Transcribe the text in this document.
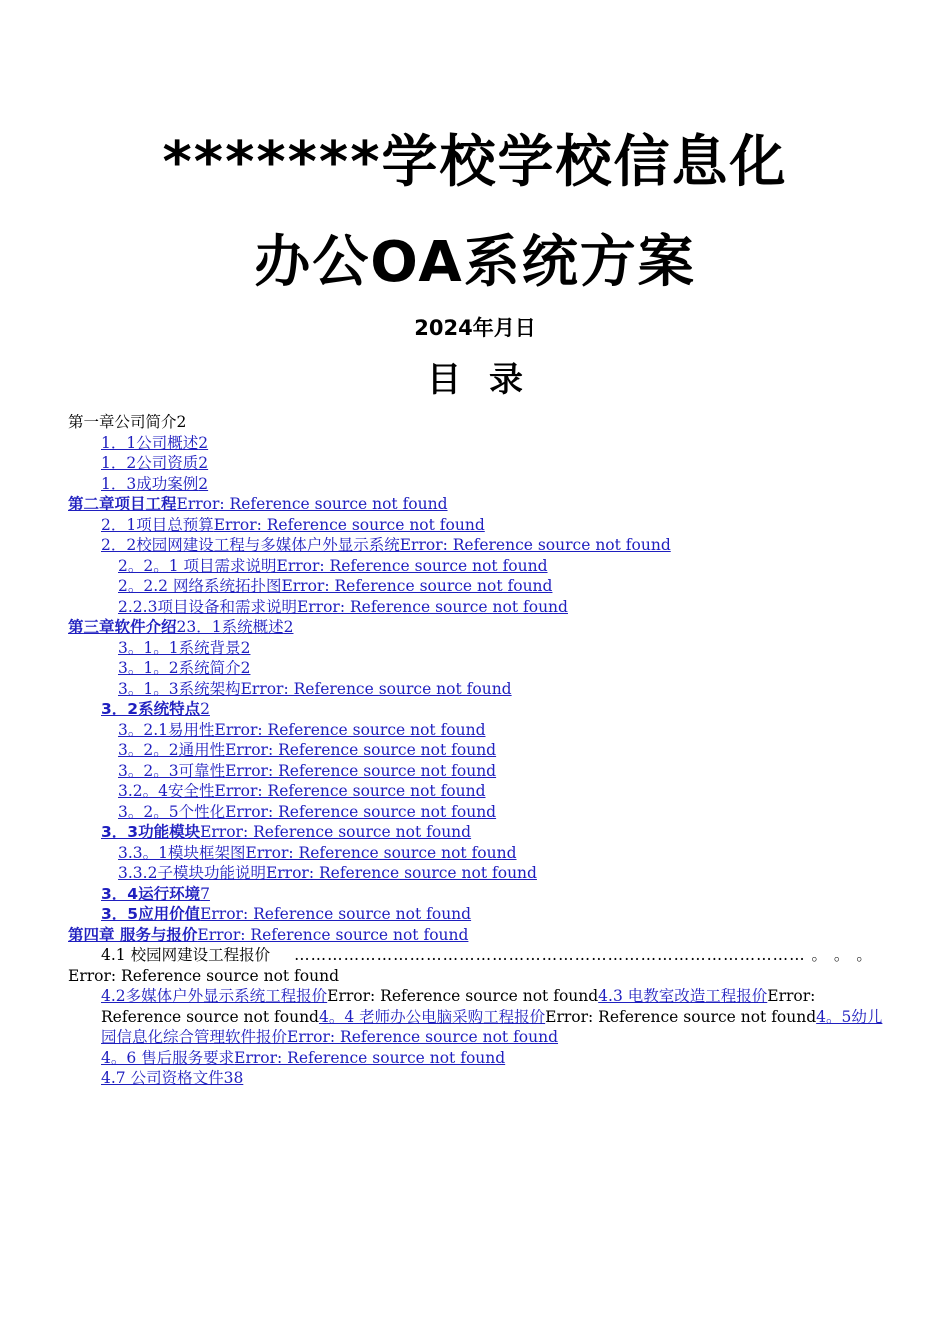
*******学校学校信息化
办公OA系统方案
2024年月日
目录
第一章公司简介2
1．1公司概述2
1．2公司资质2
1．3成功案例2
第二章项目工程Error: Reference source not found
2．1项目总预算Error: Reference source not found
2．2校园网建设工程与多媒体户外显示系统Error: Reference source not found
2。2。1 项目需求说明Error: Reference source not found
2。2.2 网络系统拓扑图Error: Reference source not found
2.2.3项目设备和需求说明Error: Reference source not found
第三章软件介绍23．1系统概述2
3。1。1系统背景2
3。1。2系统简介2
3。1。3系统架构Error: Reference source not found
3．2系统特点2
3。2.1易用性Error: Reference source not found
3。2。2通用性Error: Reference source not found
3。2。3可靠性Error: Reference source not found
3.2。4安全性Error: Reference source not found
3。2。5个性化Error: Reference source not found
3．3功能模块Error: Reference source not found
3.3。1模块框架图Error: Reference source not found
3.3.2子模块功能说明Error: Reference source not found
3．4运行环境7
3．5应用价值Error: Reference source not found
第四章 服务与报价Error: Reference source not found
4.1 校园网建设工程报价 ………………………………………………………………………………… 。 。 。
Error: Reference source not found
4.2多媒体户外显示系统工程报价Error: Reference source not found4.3 电教室改造工程报价Error: Reference source not found4。4 老师办公电脑采购工程报价Error: Reference source not found4。5幼儿园信息化综合管理软件报价Error: Reference source not found
4。6 售后服务要求Error: Reference source not found
4.7 公司资格文件38
